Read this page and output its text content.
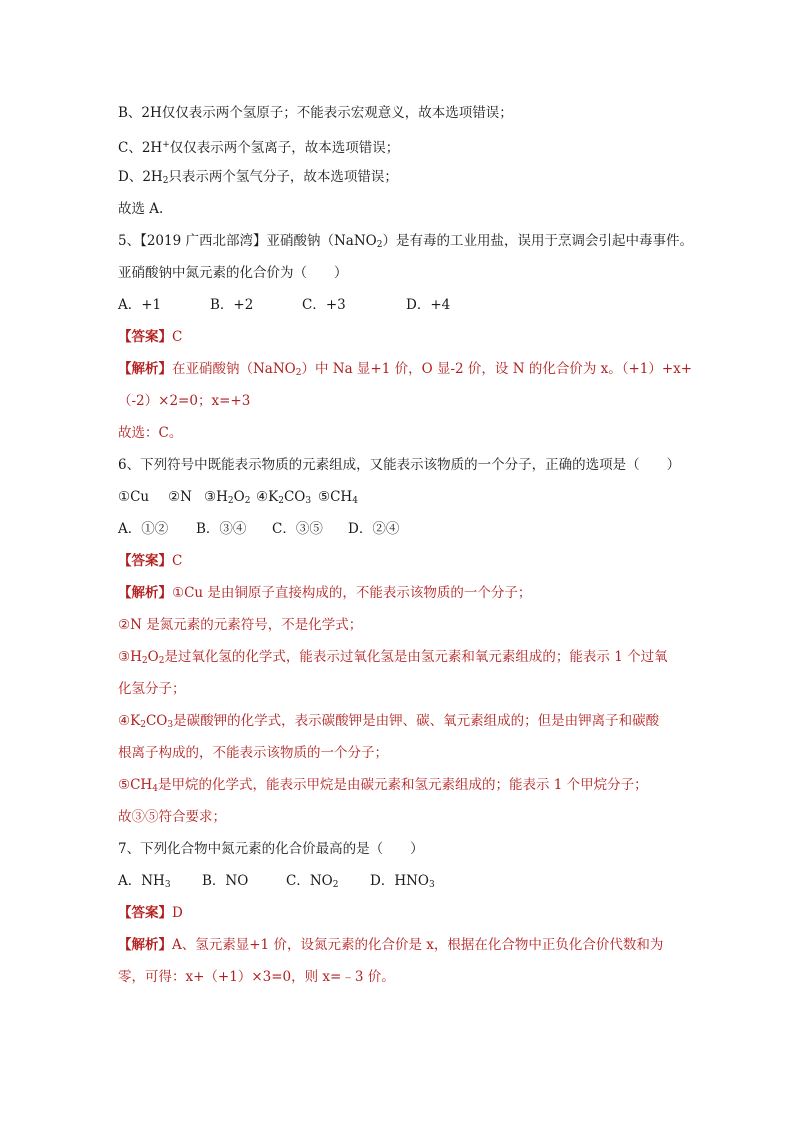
B、2H仅仅表示两个氢原子；不能表示宏观意义，故本选项错误；
C、2H+仅仅表示两个氢离子，故本选项错误；
D、$2H_2$只表示两个氢气分子，故本选项错误；
故选 A.
5、【2019 广西北部湾】亚硝酸钠（NaNO$_2$）是有毒的工业用盐，误用于烹调会引起中毒事件。
亚硝酸钠中氮元素的化合价为（　　）
A．+1	B．+2	C．+3	D．+4
【答案】C
【解析】在亚硝酸钠（NaNO$_2$）中 Na 显+1 价，O 显-2 价，设 N 的化合价为 x。（+1）+x+
（-2）×2=0；x=+3
故选：C。
6、下列符号中既能表示物质的元素组成，又能表示该物质的一个分子，正确的选项是（　　）
①Cu ②N $③H_2O_2$ $④K_2CO_3$ $⑤CH_4$
A．①② B．③④ C．③⑤ D．②④
【答案】C
【解析】①Cu 是由铜原子直接构成的，不能表示该物质的一个分子；
②N 是氮元素的元素符号，不是化学式；
$③H_2O_2$是过氧化氢的化学式，能表示过氧化氢是由氢元素和氧元素组成的；能表示 1 个过氧
化氢分子；
$④K_2CO_3$是碳酸钾的化学式，表示碳酸钾是由钾、碳、氧元素组成的；但是由钾离子和碳酸
根离子构成的，不能表示该物质的一个分子；
$⑤CH_4$是甲烷的化学式，能表示甲烷是由碳元素和氢元素组成的；能表示 1 个甲烷分子；
故③⑤符合要求；
7、下列化合物中氮元素的化合价最高的是（　　）
A．$NH_3$ B．NO	C．$NO_2$ D．$HNO_3$
【答案】D
【解析】A、氢元素显+1 价，设氮元素的化合价是 x，根据在化合物中正负化合价代数和为
零，可得：x+（+1）×3=0，则 x=﹣3 价。
